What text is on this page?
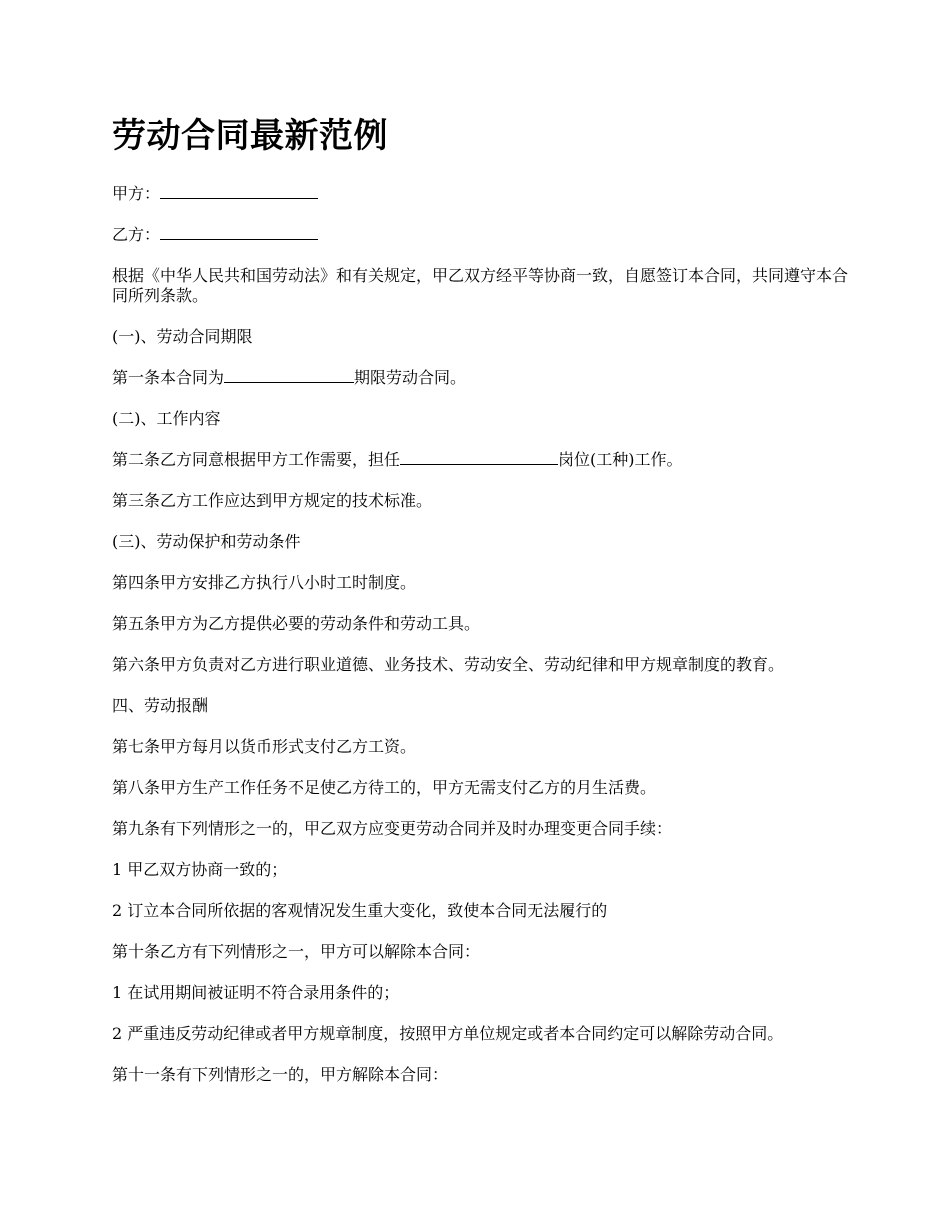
劳动合同最新范例

甲方：

乙方：

根据《中华人民共和国劳动法》和有关规定，甲乙双方经平等协商一致，自愿签订本合同，共同遵守本合同所列条款。

(一)、劳动合同期限

第一条本合同为	期限劳动合同。

(二)、工作内容

第二条乙方同意根据甲方工作需要，担任	岗位(工种)工作。

第三条乙方工作应达到甲方规定的技术标准。

(三)、劳动保护和劳动条件

第四条甲方安排乙方执行八小时工时制度。

第五条甲方为乙方提供必要的劳动条件和劳动工具。

第六条甲方负责对乙方进行职业道德、业务技术、劳动安全、劳动纪律和甲方规章制度的教育。

四、劳动报酬

第七条甲方每月以货币形式支付乙方工资。

第八条甲方生产工作任务不足使乙方待工的，甲方无需支付乙方的月生活费。

第九条有下列情形之一的，甲乙双方应变更劳动合同并及时办理变更合同手续：

1 甲乙双方协商一致的；

2 订立本合同所依据的客观情况发生重大变化，致使本合同无法履行的

第十条乙方有下列情形之一，甲方可以解除本合同：

1 在试用期间被证明不符合录用条件的；

2 严重违反劳动纪律或者甲方规章制度，按照甲方单位规定或者本合同约定可以解除劳动合同。

第十一条有下列情形之一的，甲方解除本合同：
